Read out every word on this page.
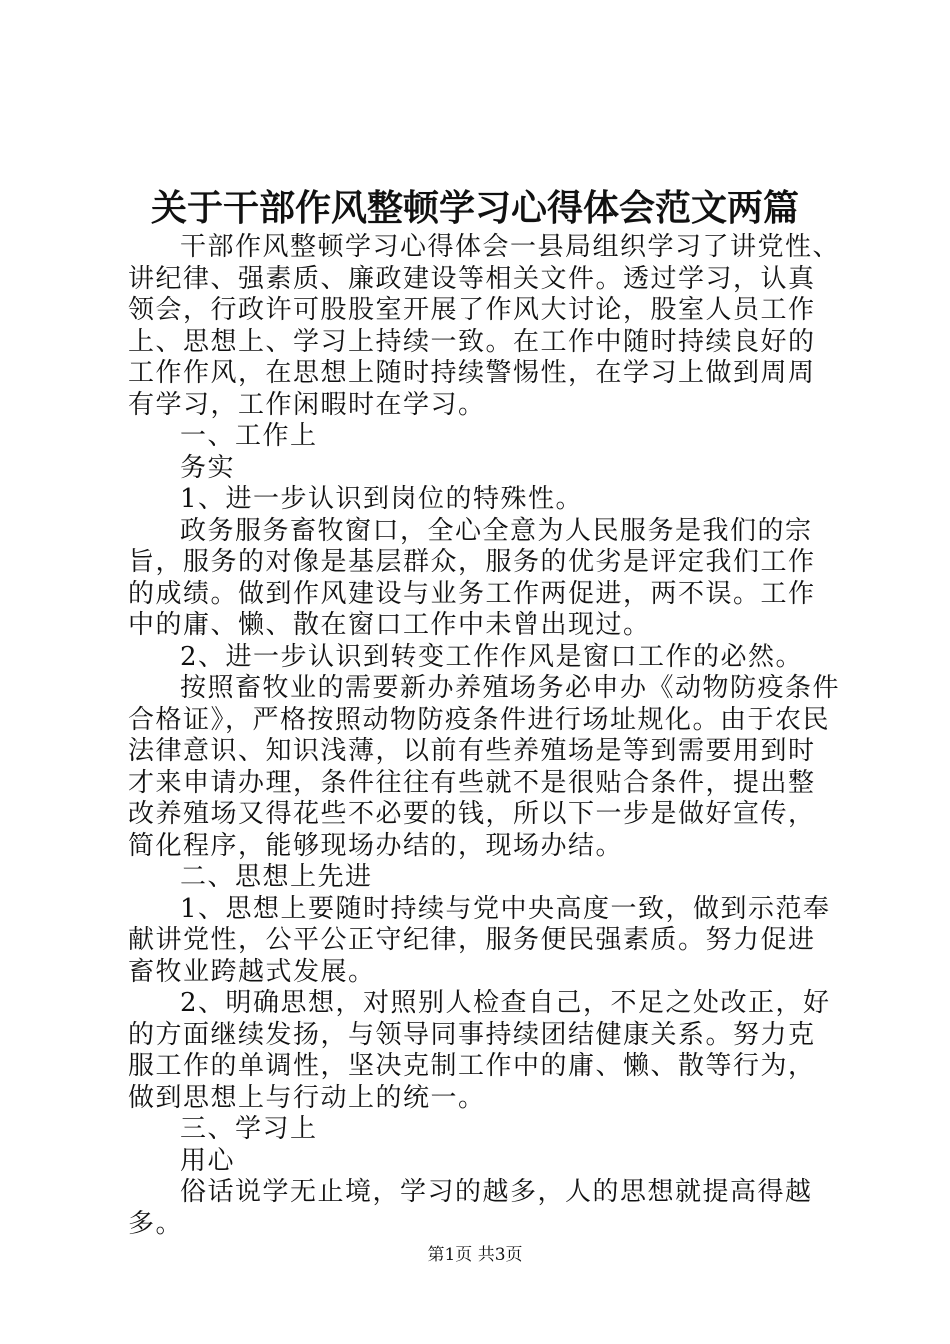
关于干部作风整顿学习心得体会范文两篇

干部作风整顿学习心得体会一县局组织学习了讲党性、讲纪律、强素质、廉政建设等相关文件。透过学习，认真领会，行政许可股股室开展了作风大讨论，股室人员工作上、思想上、学习上持续一致。在工作中随时持续良好的工作作风，在思想上随时持续警惕性，在学习上做到周周有学习，工作闲暇时在学习。

一、工作上

务实

1、进一步认识到岗位的特殊性。

政务服务畜牧窗口，全心全意为人民服务是我们的宗旨，服务的对像是基层群众，服务的优劣是评定我们工作的成绩。做到作风建设与业务工作两促进，两不误。工作中的庸、懒、散在窗口工作中未曾出现过。

2、进一步认识到转变工作作风是窗口工作的必然。

按照畜牧业的需要新办养殖场务必申办《动物防疫条件合格证》，严格按照动物防疫条件进行场址规化。由于农民法律意识、知识浅薄，以前有些养殖场是等到需要用到时才来申请办理，条件往往有些就不是很贴合条件，提出整改养殖场又得花些不必要的钱，所以下一步是做好宣传，简化程序，能够现场办结的，现场办结。

二、思想上先进

1、思想上要随时持续与党中央高度一致，做到示范奉献讲党性，公平公正守纪律，服务便民强素质。努力促进畜牧业跨越式发展。

2、明确思想，对照别人检查自己，不足之处改正，好的方面继续发扬，与领导同事持续团结健康关系。努力克服工作的单调性，坚决克制工作中的庸、懒、散等行为，做到思想上与行动上的统一。

三、学习上

用心

俗话说学无止境，学习的越多，人的思想就提高得越多。

第1页 共3页
